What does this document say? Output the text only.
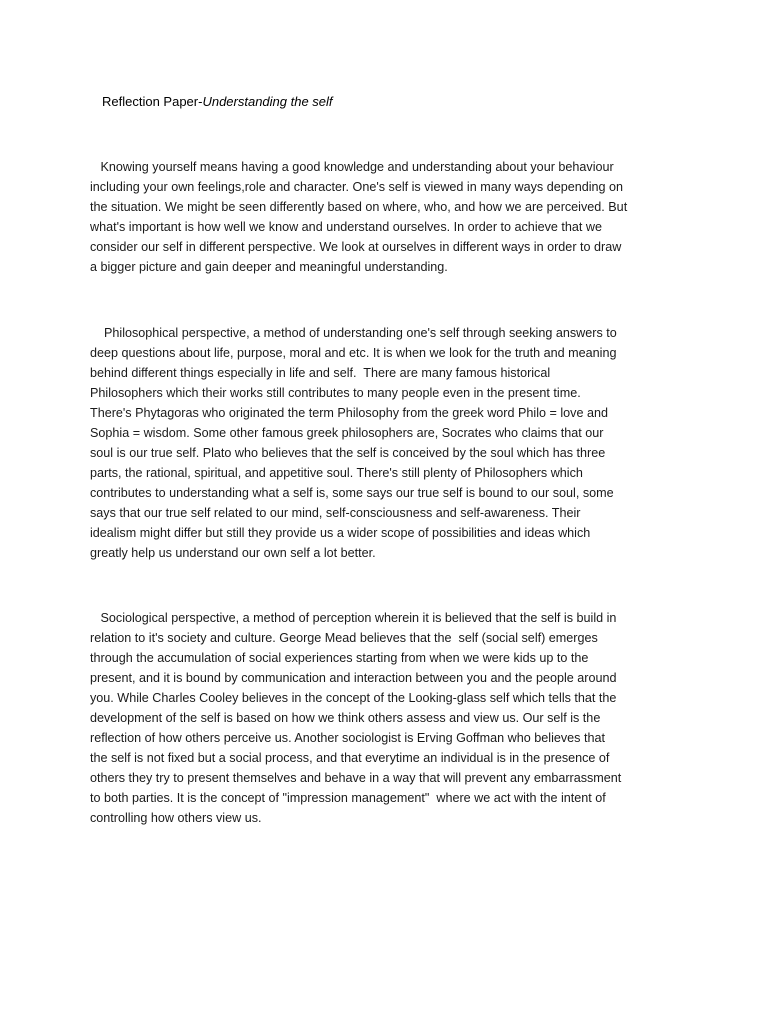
Reflection Paper-Understanding the self
Knowing yourself means having a good knowledge and understanding about your behaviour
including your own feelings,role and character. One's self is viewed in many ways depending on
the situation. We might be seen differently based on where, who, and how we are perceived. But
what's important is how well we know and understand ourselves. In order to achieve that we
consider our self in different perspective. We look at ourselves in different ways in order to draw
a bigger picture and gain deeper and meaningful understanding.
Philosophical perspective, a method of understanding one's self through seeking answers to
deep questions about life, purpose, moral and etc. It is when we look for the truth and meaning
behind different things especially in life and self.  There are many famous historical
Philosophers which their works still contributes to many people even in the present time.
There's Phytagoras who originated the term Philosophy from the greek word Philo = love and
Sophia = wisdom. Some other famous greek philosophers are, Socrates who claims that our
soul is our true self. Plato who believes that the self is conceived by the soul which has three
parts, the rational, spiritual, and appetitive soul. There's still plenty of Philosophers which
contributes to understanding what a self is, some says our true self is bound to our soul, some
says that our true self related to our mind, self-consciousness and self-awareness. Their
idealism might differ but still they provide us a wider scope of possibilities and ideas which
greatly help us understand our own self a lot better.
Sociological perspective, a method of perception wherein it is believed that the self is build in
relation to it's society and culture. George Mead believes that the  self (social self) emerges
through the accumulation of social experiences starting from when we were kids up to the
present, and it is bound by communication and interaction between you and the people around
you. While Charles Cooley believes in the concept of the Looking-glass self which tells that the
development of the self is based on how we think others assess and view us. Our self is the
reflection of how others perceive us. Another sociologist is Erving Goffman who believes that
the self is not fixed but a social process, and that everytime an individual is in the presence of
others they try to present themselves and behave in a way that will prevent any embarrassment
to both parties. It is the concept of "impression management"  where we act with the intent of
controlling how others view us.
